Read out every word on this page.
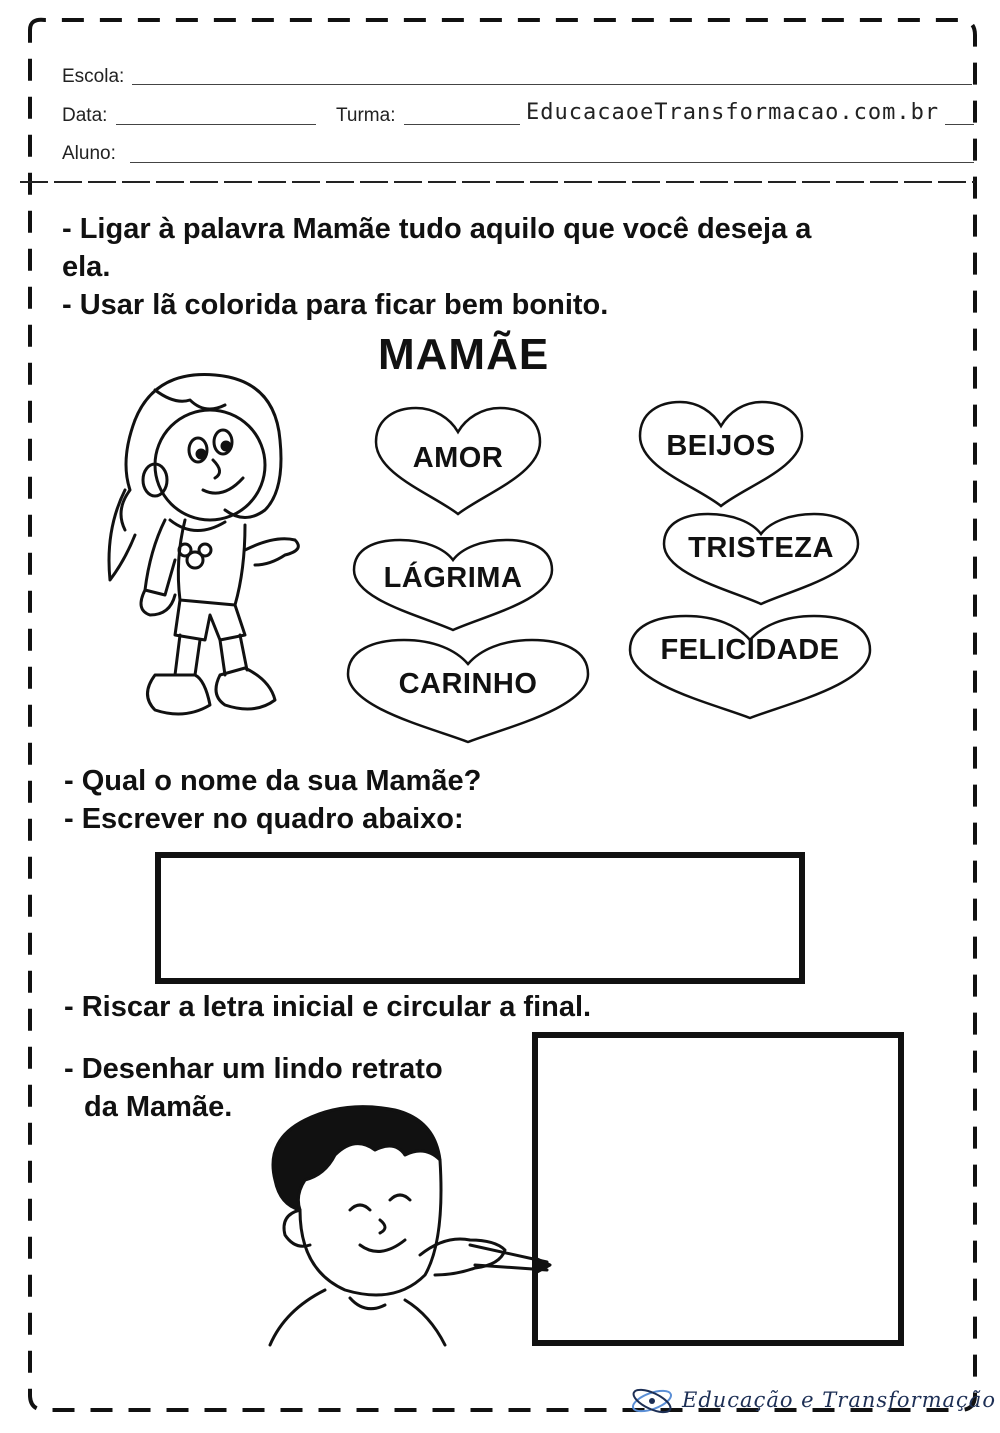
Escola:
Data:	Turma:	EducacaoeTransformacao.com.br
Aluno:
- Ligar à palavra Mamãe tudo aquilo que você deseja a
ela.
- Usar lã colorida para ficar bem bonito.
MAMÃE
AMOR	BEIJOS
TRISTEZA
LÁGRIMA
FELICIDADE
CARINHO
- Qual o nome da sua Mamãe?
- Escrever no quadro abaixo:
- Riscar a letra inicial e circular a final.
- Desenhar um lindo retrato
da Mamãe.
Educação e Transformação
